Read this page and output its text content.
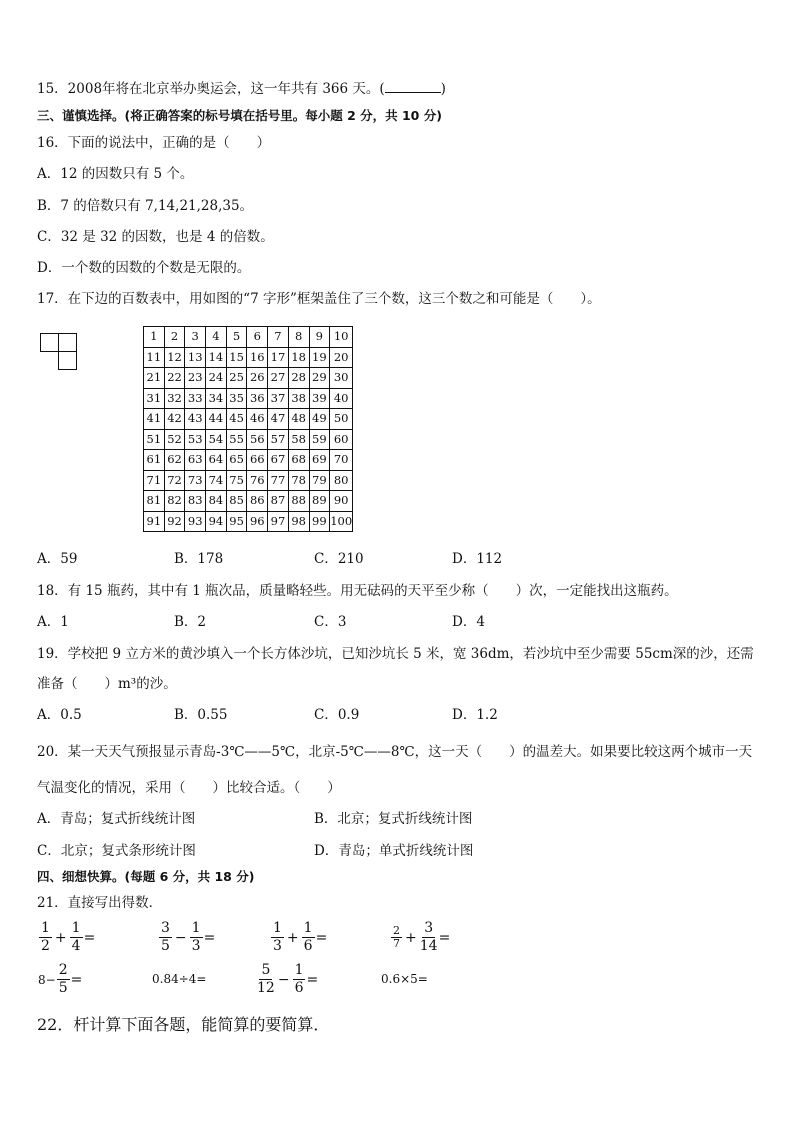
15．2008年将在北京举办奥运会，这一年共有 366 天。(	)
三、谨慎选择。(将正确答案的标号填在括号里。每小题 2 分，共 10 分)
16．下面的说法中，正确的是（　　）
A．12 的因数只有 5 个。
B．7 的倍数只有 7,14,21,28,35。
C．32 是 32 的因数，也是 4 的倍数。
D．一个数的因数的个数是无限的。
17．在下边的百数表中，用如图的“7 字形”框架盖住了三个数，这三个数之和可能是（　　）。
1	2	3	4	5	6	7	8	9	10
11	12	13	14	15	16	17	18	19	20
21	22	23	24	25	26	27	28	29	30
31	32	33	34	35	36	37	38	39	40
41	42	43	44	45	46	47	48	49	50
51	52	53	54	55	56	57	58	59	60
61	62	63	64	65	66	67	68	69	70
71	72	73	74	75	76	77	78	79	80
81	82	83	84	85	86	87	88	89	90
91	92	93	94	95	96	97	98	99	100
A．59	B．178	C．210	D．112
18．有 15 瓶药，其中有 1 瓶次品，质量略轻些。用无砝码的天平至少称（　　）次，一定能找出这瓶药。
A．1	B．2	C．3	D．4
19．学校把 9 立方米的黄沙填入一个长方体沙坑，已知沙坑长 5 米，宽 36dm，若沙坑中至少需要 55cm深的沙，还需
准备（　　）m³的沙。
A．0.5	B．0.55	C．0.9	D．1.2
20．某一天天气预报显示青岛-3℃——5℃，北京-5℃——8℃，这一天（　　）的温差大。如果要比较这两个城市一天
气温变化的情况，采用（　　）比较合适。（　　）
A．青岛；复式折线统计图	B．北京；复式折线统计图
C．北京；复式条形统计图	D．青岛；单式折线统计图
四、细想快算。(每题 6 分，共 18 分)
21．直接写出得数．
$\frac{1}{2} + \frac{1}{4}$ =	$\frac{3}{5} - \frac{1}{3}$ =	$\frac{1}{3} + \frac{1}{6}$ =	$\frac{2}{7} + \frac{3}{14}$ =
$8- \frac{2}{5}$ =	0.84÷4=	$\frac{5}{12} - \frac{1}{6}$ =	0.6×5=
22．杆计算下面各题，能简算的要简算．
